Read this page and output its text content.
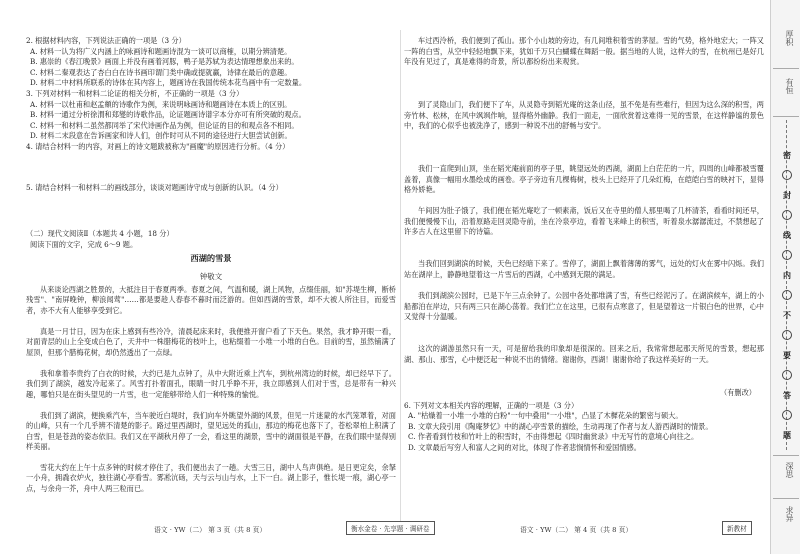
2. 根据材料内容，下列说法正确的一项是（3 分）

A. 材料一认为将广义内涵上的咏画诗和题画诗混为一谈可以商榷，以期分辨清楚。

B. 惠崇的《春江晚景》画面上并没有画着河豚，鸭子是苏轼为表达情理想象出来的。

C. 材料二秦观表达了杏白白在诗书画印谓门类中确或提就赢，诗律在最后的意趣。

D. 材料二中材料所联系的诗体在其内容上，题画诗在我国传统本花鸟画中有一定数量。

3. 下列对材料一和材料二论证的相关分析，不正确的一项是（3 分）

A. 材料一以杜甫和赵孟頫的诗歌作为例，来说明咏画诗和题画诗在本质上的区别。

B. 材料一通过分析徐渭和郑燮的诗歌作品，论证题画诗谱字本分亦可有所突破的观点。

C. 材料一和材料二虽然都同举了宋代诗画作品为例，但论证的目的和观点各不相同。

D. 材料二末段意在告诉画家和诗人们，创作时可从不同的途径进行大胆尝试创新。

4. 请结合材料一的内容，对画上的诗文题跋被称为"画魔"的原因进行分析。（4 分）

5. 请结合材料一和材料二的画线部分，谈谈对题画诗守成与创新的认识。（4 分）

（二）现代文阅读Ⅱ（本题共 4 小题，18 分）

阅读下面的文字，完成 6～9 题。

西湖的雪景

钟敬文

从来谈论西湖之胜景的，大抵注目于春夏两季。春夏之间，气温和暖，湖上风物，点缀佳丽，如"苏堤生柳，断桥残雪"、"南屏晚钟，柳浪闻莺"……都是要趁人春春不暮时而泛游的。但如西湖的雪景，却不大被人所注目，而爱雪者，亦不大有人能够享受到它。

真是一月廿日，因为在床上感到有些冷冷，清晨起床来时，我便推开窗户看了下天色。果然，我才睁开眼一看，对面青层的山上全变成白色了，天井中一株腊梅花的枝叶上，也粘缀着一小堆一小堆的白色。目前的雪，虽然铺满了屋顶，但那个腊梅花树，却仍然透出了一点绿。

我和拿着李贵约了白衣的时候，大约已是九点钟了，从中大附近乘上汽车，到杭州湾边的时候，却已经早下了。我们到了湖滨，越发冷起来了。风雪打扑着面孔，眼睛一时几乎睁不开，我立即感到人们对于雪，总是带有一种兴趣，哪怕只是在街头望见的一片雪，也一定能够带给人们一种特殊的愉悦。

我们到了湖滨，便换乘汽车，当车驶近白堤时，我们向车外眺望外湖的风景，但见一片迷蒙的水汽笼罩着，对面的山峰，只有一个几乎辨不清楚的影子。路过里西湖时，望见远处的孤山，那边的梅花也落下了，苍松翠柏上积满了白雪，但是苍劲的姿态依旧。我们又在平湖秋月停了一会，看这里的湖景，雪中的湖面很是平静，在我们眼中显得别样美丽。

雪花大约在上午十点多钟的时候才停住了，我们便出去了一趟。大雪三日，湖中人鸟声俱绝。是日更定矣，余拏一小舟，拥毳衣炉火，独往湖心亭看雪。雾凇沆砀，天与云与山与水，上下一白。湖上影子，惟长堤一痕，湖心亭一点，与余舟一芥，舟中人两三粒而已。

车过西泠桥，我们便到了孤山。那个小山坡的旁边，有几间堆积着雪的茅屋。雪的气势，格外地宏大；一阵又一阵的白雪，从空中轻轻地飘下来，犹如千万只白蝴蝶在舞蹈一般。据当地的人说，这样大的雪，在杭州已是好几年没有见过了，真是难得的奇景，所以都纷纷出来观赏。

到了灵隐山门，我们便下了车，从灵隐寺到韬光庵的这条山径，虽不免是有些难行，但因为这么深的积雪，两旁竹林、松林，在风中飒飒作响，显得格外幽静。我们一面走，一面欣赏着这难得一见的雪景，在这样静谧的景色中，我们的心似乎也被洗净了，感到一种说不出的舒畅与安宁。

我们一直爬到山顶，坐在韬光庵前面的亭子里，眺望远处的西湖，湖面上白茫茫的一片，四周的山峰都被雪覆盖着，真像一幅用水墨绘成的画卷。亭子旁边有几棵梅树，枝头上已经开了几朵红梅，在皑皑白雪的映衬下，显得格外娇艳。

午间因为肚子饿了，我们便在韬光庵吃了一顿素斋，饭后又在寺里的僧人那里喝了几杯清茶，看看时间还早，我们便慢慢下山，沿着原路走回灵隐寺前，坐在冷泉亭边，看着飞来峰上的积雪，听着泉水潺潺流过，不禁想起了许多古人在这里留下的诗篇。

当我们回到湖滨的时候，天色已经暗下来了。雪停了，湖面上飘着薄薄的雾气，远处的灯火在雾中闪烁。我们站在湖岸上，静静地望着这一片雪后的西湖，心中感到无限的满足。

我们到湖滨公园时，已是下午三点余钟了。公园中各处都堆满了雪，有些已经泥污了。在湖滨候车，湖上的小船都泊在岸边，只有两三只在湖心荡着。我们伫立在这里，已很有点寒意了，但是望着这一片银白色的世界，心中又觉得十分温暖。

这次的湖游虽然只有一天，可是留给我的印象却是很深的。回来之后，我常常想起那天所见的雪景，想起那湖、那山、那雪，心中便泛起一种说不出的情绪。谢谢你，西湖！谢谢你给了我这样美好的一天。

（有删改）

6. 下列对文本相关内容的理解，正确的一项是（3 分）

A. "枯燥着一小堆一小堆的白粉"一句中叠用"一小堆"，凸显了木樨花朵的繁密与硕大。

B. 文章大段引用《陶庵梦忆》中的湖心亭雪景的描绘，生动再现了作者与友人游西湖时的情景。

C. 作者看到竹枝和竹叶上的积雪时，不由得想起《四时幽赏录》中无写竹的意境心向往之。

D. 文章最后写穷人和富人之间的对比，体现了作者悲悯情怀和爱国情感。

语文 · YW（二） 第 3 页（共 8 页）	衡水金卷 · 先享题 · 调研卷	语文 · YW（二） 第 4 页（共 8 页）	新教材
厚积
有恒
密
封
线
内
不
要
答
题
深思
求异
